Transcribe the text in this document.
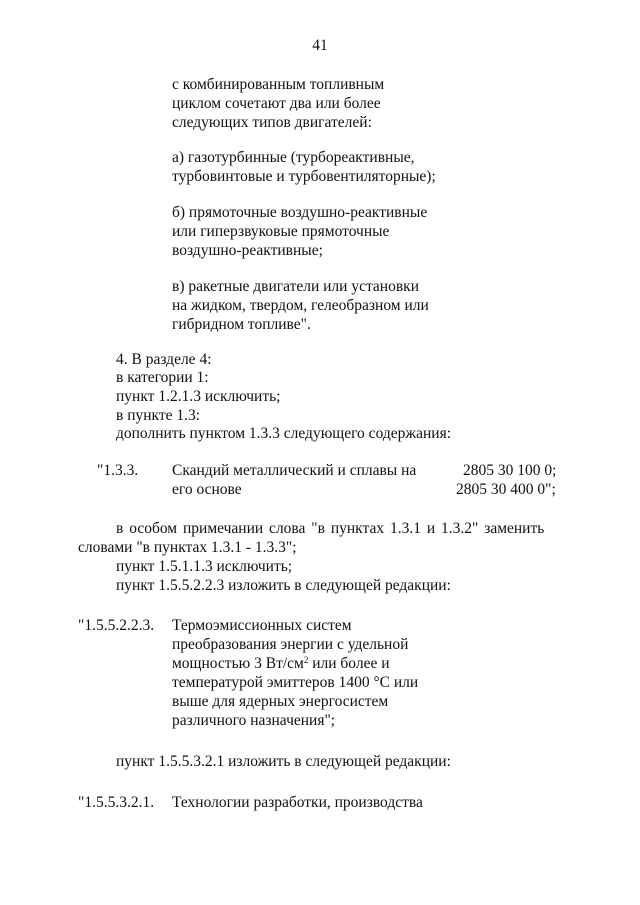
41
с комбинированным топливным
циклом сочетают два или более
следующих типов двигателей:
а) газотурбинные (турбореактивные,
турбовинтовые и турбовентиляторные);
б) прямоточные воздушно-реактивные
или гиперзвуковые прямоточные
воздушно-реактивные;
в) ракетные двигатели или установки
на жидком, твердом, гелеобразном или
гибридном топливе".
4. В разделе 4:
в категории 1:
пункт 1.2.1.3 исключить;
в пункте 1.3:
дополнить пунктом 1.3.3 следующего содержания:
"1.3.3. Скандий металлический и сплавы на
его основе
2805 30 100 0;
2805 30 400 0";
в особом примечании слова "в пунктах 1.3.1 и 1.3.2" заменить
словами "в пунктах 1.3.1 - 1.3.3";
пункт 1.5.1.1.3 исключить;
пункт 1.5.5.2.2.3 изложить в следующей редакции:
"1.5.5.2.2.3. Термоэмиссионных систем
преобразования энергии с удельной
мощностью 3 $Вт/см^2$ или более и
температурой эмиттеров 1400 °C или
выше для ядерных энергосистем
различного назначения";
пункт 1.5.5.3.2.1 изложить в следующей редакции:
"1.5.5.3.2.1. Технологии разработки, производства
